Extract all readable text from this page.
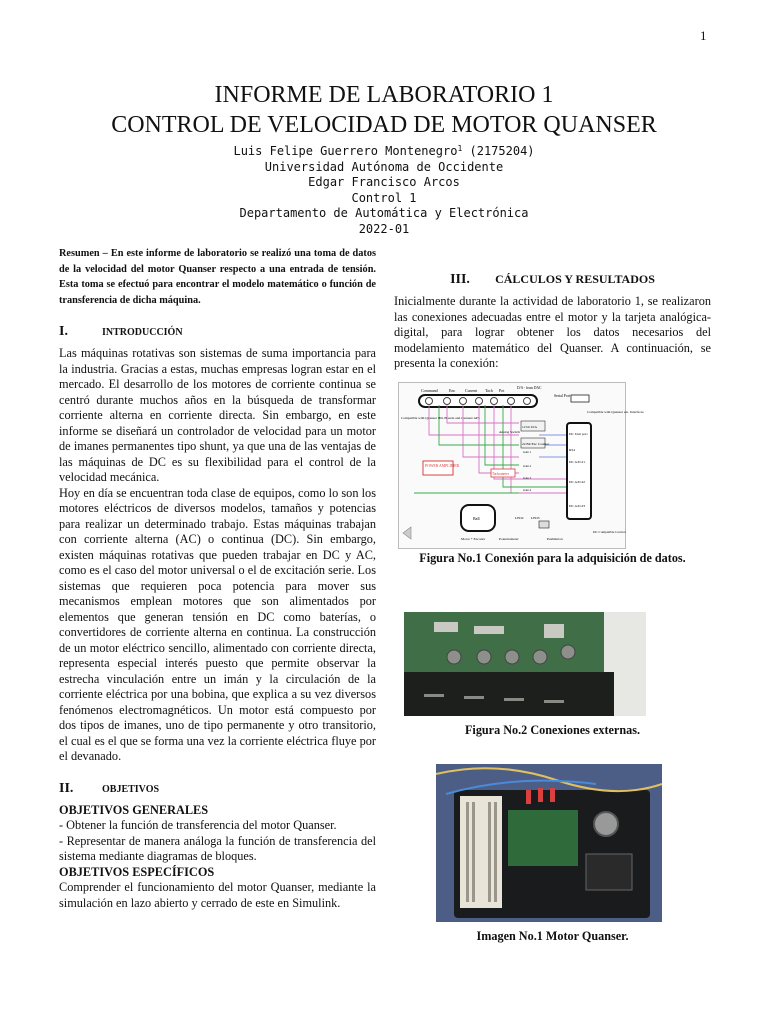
1
INFORME DE LABORATORIO 1
CONTROL DE VELOCIDAD DE MOTOR QUANSER
Luis Felipe Guerrero Montenegro$^1$ (2175204)
Universidad Autónoma de Occidente
Edgar Francisco Arcos
Control 1
Departamento de Automática y Electrónica
2022-01

Resumen – En este informe de laboratorio se realizó una toma de datos de la velocidad del motor Quanser respecto a una entrada de tensión. Esta toma se efectuó para encontrar el modelo matemático o función de transferencia de dicha máquina.

I.	INTRODUCCIÓN

Las máquinas rotativas son sistemas de suma importancia para la industria. Gracias a estas, muchas empresas logran estar en el mercado. El desarrollo de los motores de corriente continua se centró durante muchos años en la búsqueda de transformar corriente alterna en corriente directa. Sin embargo, en este informe se diseñará un controlador de velocidad para un motor de imanes permanentes tipo shunt, ya que una de las ventajas de las máquinas de DC es su flexibilidad para el control de la velocidad mecánica.

Hoy en día se encuentran toda clase de equipos, como lo son los motores eléctricos de diversos modelos, tamaños y potencias para realizar un determinado trabajo. Estas máquinas trabajan con corriente alterna (AC) o continua (DC). Sin embargo, existen máquinas rotativas que pueden trabajar en DC y AC, como es el caso del motor universal o el de excitación serie. Los sistemas que requieren poca potencia para mover sus mecanismos emplean motores que son alimentados por elementos que generan tensión en DC como baterías, o convertidores de corriente alterna en continua. La construcción de un motor eléctrico sencillo, alimentado con corriente directa, representa especial interés puesto que permite observar la estrecha vinculación entre un imán y la circulación de la corriente eléctrica por una bobina, que explica a su vez diversos fenómenos electromagnéticos. Un motor está compuesto por dos tipos de imanes, uno de tipo permanente y otro transitorio, el cual es el que se forma una vez la corriente eléctrica fluye por el devanado.

II.	OBJETIVOS
OBJETIVOS GENERALES

- Obtener la función de transferencia del motor Quanser.

- Representar de manera análoga la función de transferencia del sistema mediante diagramas de bloques.

OBJETIVOS ESPECÍFICOS

Comprender el funcionamiento del motor Quanser, mediante la simulación en lazo abierto y cerrado de este en Simulink.

III.	CÁLCULOS Y RESULTADOS

Inicialmente durante la actividad de laboratorio 1, se realizaron las conexiones adecuadas entre el motor y la tarjeta analógica-digital, para lograr obtener los datos necesarios del modelamiento matemático del Quanser. A continuación, se presenta la conexión:

Command	Enc Current Tach Pot	D/A - from DAC
Serial Port
Compatible with Quanser ext. Interfaces
Compatible with Quanser HIL Boards and Quanser APS
12 bit D/A
24 Bit Enc Counter
Analog Switch
Gain 1
Gain 2
Gain 3
Gain 4
POWER AMPLIFIER
Tachometer
DC 6 kit port
RS4
DC A/D #1
DC A/D #2
DC A/D #3
Ball	LED2 LED3
Motor + Encoder	Potentiometer	Pushbutton
DC Compatible Control
Figura No.1 Conexión para la adquisición de datos.
Figura No.2 Conexiones externas.
Imagen No.1 Motor Quanser.
